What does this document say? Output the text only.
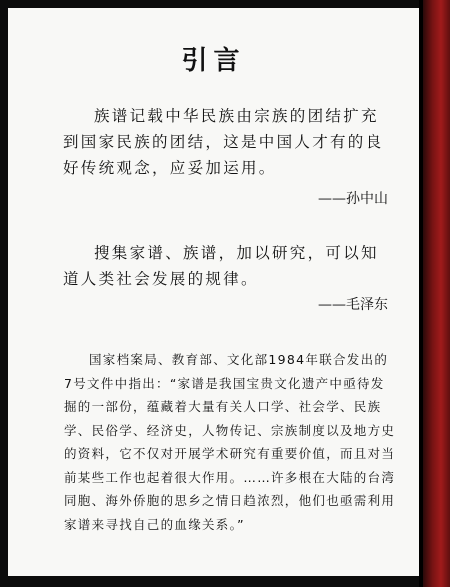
引言
族谱记载中华民族由宗族的团结扩充到国家民族的团结，这是中国人才有的良好传统观念，应妥加运用。
——孙中山
搜集家谱、族谱，加以研究，可以知道人类社会发展的规律。
——毛泽东
国家档案局、教育部、文化部1984年联合发出的7号文件中指出：“家谱是我国宝贵文化遗产中亟待发掘的一部份，蕴藏着大量有关人口学、社会学、民族学、民俗学、经济史，人物传记、宗族制度以及地方史的资料，它不仅对开展学术研究有重要价值，而且对当前某些工作也起着很大作用。……许多根在大陆的台湾同胞、海外侨胞的思乡之情日趋浓烈，他们也亟需利用家谱来寻找自己的血缘关系。”
